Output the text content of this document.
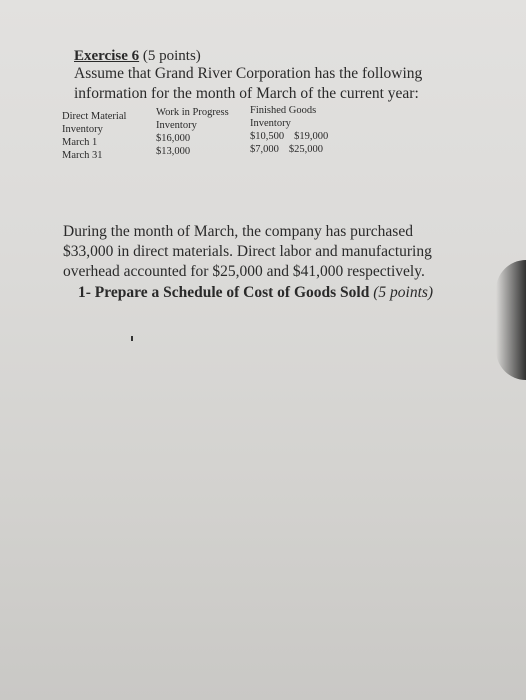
Exercise 6 (5 points)
Assume that Grand River Corporation has the following
information for the month of March of the current year:
Direct Material
Inventory
March 1
March 31
Work in Progress
Inventory
$16,000
$13,000
Finished Goods
Inventory
$10,500 $19,000
$7,000 $25,000
During the month of March, the company has purchased
$33,000 in direct materials. Direct labor and manufacturing
overhead accounted for $25,000 and $41,000 respectively.
1- Prepare a Schedule of Cost of Goods Sold (5 points)
